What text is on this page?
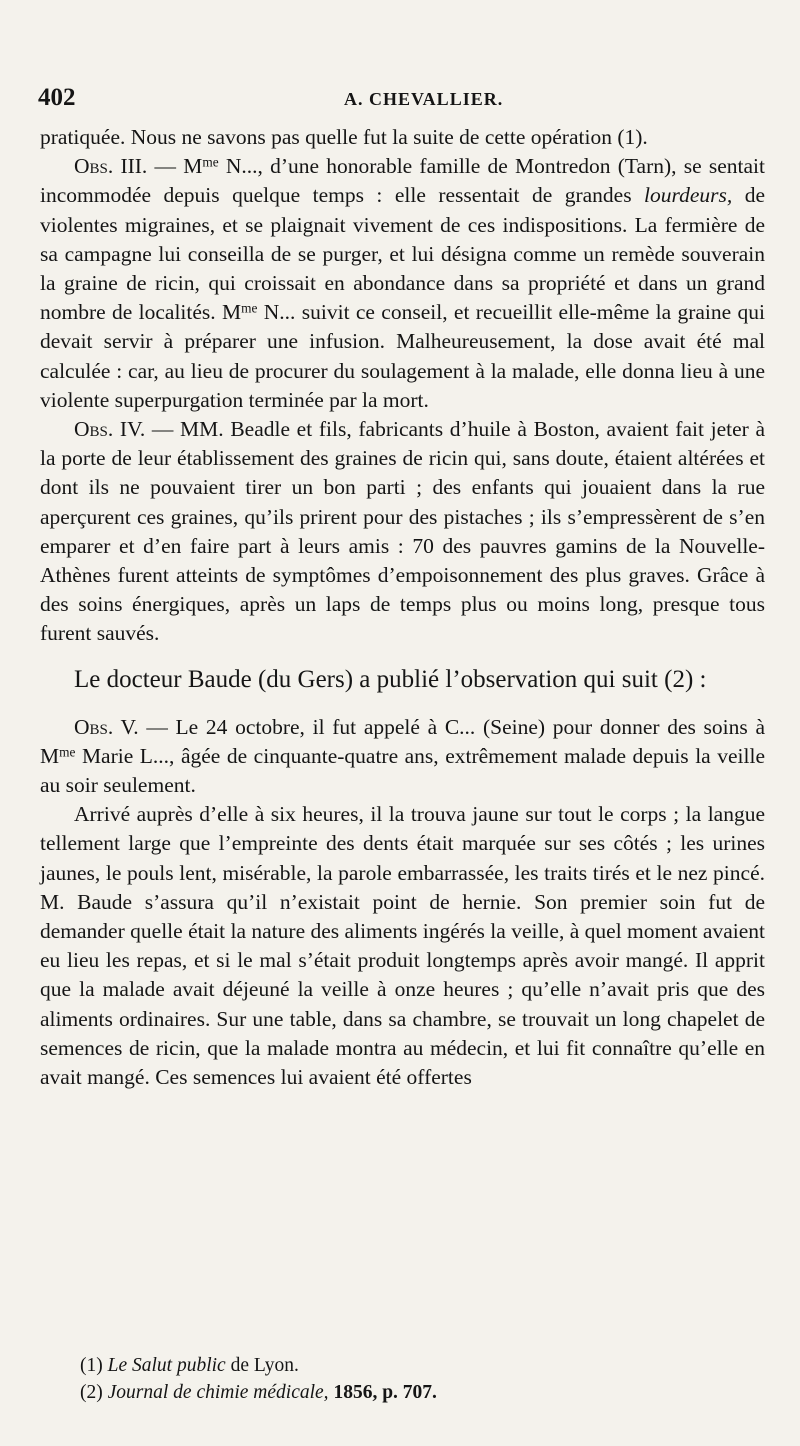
402	A. CHEVALLIER.

pratiquée. Nous ne savons pas quelle fut la suite de cette opération (1).

Obs. III. — $M^{me}$ N..., d’une honorable famille de Montredon (Tarn), se sentait incommodée depuis quelque temps : elle ressentait de grandes lourdeurs, de violentes migraines, et se plaignait vivement de ces indispositions. La fermière de sa campagne lui conseilla de se purger, et lui désigna comme un remède souverain la graine de ricin, qui croissait en abondance dans sa propriété et dans un grand nombre de localités. $M^{me}$ N... suivit ce conseil, et recueillit elle-même la graine qui devait servir à préparer une infusion. Malheureusement, la dose avait été mal calculée : car, au lieu de procurer du soulagement à la malade, elle donna lieu à une violente superpurgation terminée par la mort.

Obs. IV. — MM. Beadle et fils, fabricants d’huile à Boston, avaient fait jeter à la porte de leur établissement des graines de ricin qui, sans doute, étaient altérées et dont ils ne pouvaient tirer un bon parti ; des enfants qui jouaient dans la rue aperçurent ces graines, qu’ils prirent pour des pistaches ; ils s’empressèrent de s’en emparer et d’en faire part à leurs amis : 70 des pauvres gamins de la Nouvelle-Athènes furent atteints de symptômes d’empoisonnement des plus graves. Grâce à des soins énergiques, après un laps de temps plus ou moins long, presque tous furent sauvés.

Le docteur Baude (du Gers) a publié l’observation qui suit (2) :

Obs. V. — Le 24 octobre, il fut appelé à C... (Seine) pour donner des soins à $M^{me}$ Marie L..., âgée de cinquante-quatre ans, extrêmement malade depuis la veille au soir seulement.

Arrivé auprès d’elle à six heures, il la trouva jaune sur tout le corps ; la langue tellement large que l’empreinte des dents était marquée sur ses côtés ; les urines jaunes, le pouls lent, misérable, la parole embarrassée, les traits tirés et le nez pincé. M. Baude s’assura qu’il n’existait point de hernie. Son premier soin fut de demander quelle était la nature des aliments ingérés la veille, à quel moment avaient eu lieu les repas, et si le mal s’était produit longtemps après avoir mangé. Il apprit que la malade avait déjeuné la veille à onze heures ; qu’elle n’avait pris que des aliments ordinaires. Sur une table, dans sa chambre, se trouvait un long chapelet de semences de ricin, que la malade montra au médecin, et lui fit connaître qu’elle en avait mangé. Ces semences lui avaient été offertes

(1) Le Salut public de Lyon.
(2) Journal de chimie médicale, 1856, p. 707.
